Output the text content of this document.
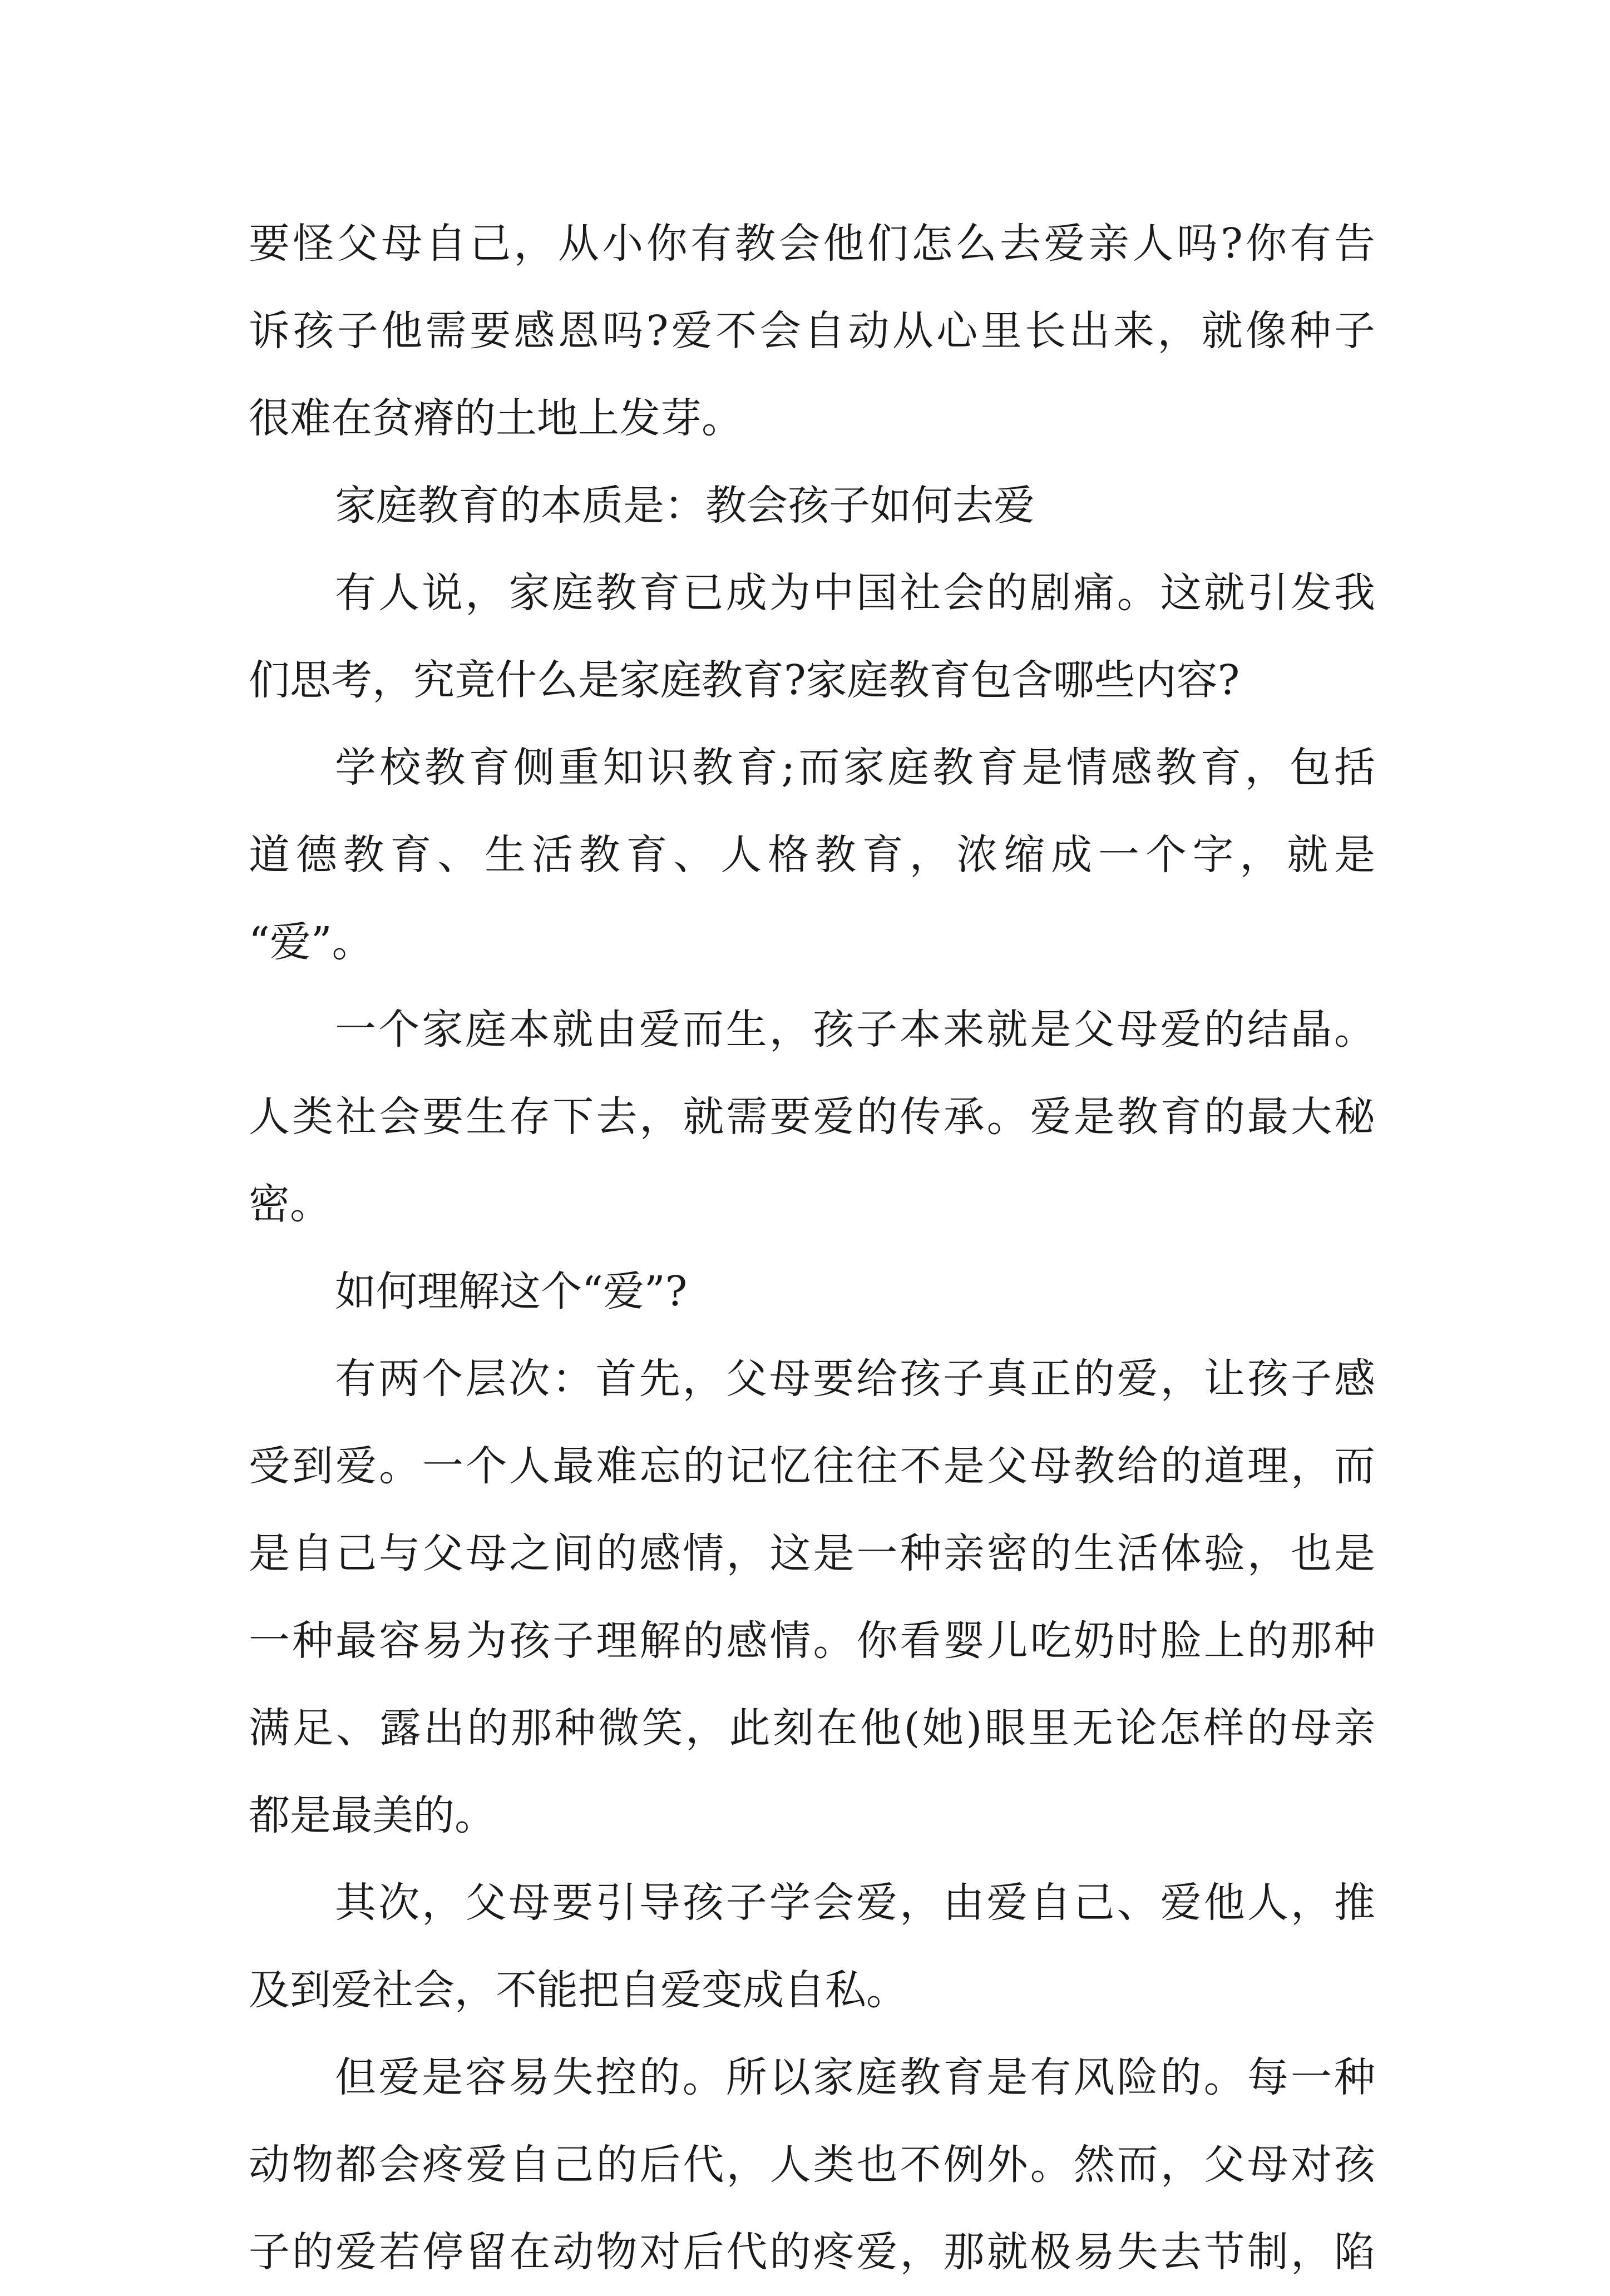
要怪父母自己，从小你有教会他们怎么去爱亲人吗?你有告
诉孩子他需要感恩吗?爱不会自动从心里长出来，就像种子
很难在贫瘠的土地上发芽。
家庭教育的本质是：教会孩子如何去爱
有人说，家庭教育已成为中国社会的剧痛。这就引发我
们思考，究竟什么是家庭教育?家庭教育包含哪些内容?
学校教育侧重知识教育;而家庭教育是情感教育，包括
道德教育、生活教育、人格教育，浓缩成一个字，就是
“爱”。
一个家庭本就由爱而生，孩子本来就是父母爱的结晶。
人类社会要生存下去，就需要爱的传承。爱是教育的最大秘
密。
如何理解这个“爱”?
有两个层次：首先，父母要给孩子真正的爱，让孩子感
受到爱。一个人最难忘的记忆往往不是父母教给的道理，而
是自己与父母之间的感情，这是一种亲密的生活体验，也是
一种最容易为孩子理解的感情。你看婴儿吃奶时脸上的那种
满足、露出的那种微笑，此刻在他(她)眼里无论怎样的母亲
都是最美的。
其次，父母要引导孩子学会爱，由爱自己、爱他人，推
及到爱社会，不能把自爱变成自私。
但爱是容易失控的。所以家庭教育是有风险的。每一种
动物都会疼爱自己的后代，人类也不例外。然而，父母对孩
子的爱若停留在动物对后代的疼爱，那就极易失去节制，陷
